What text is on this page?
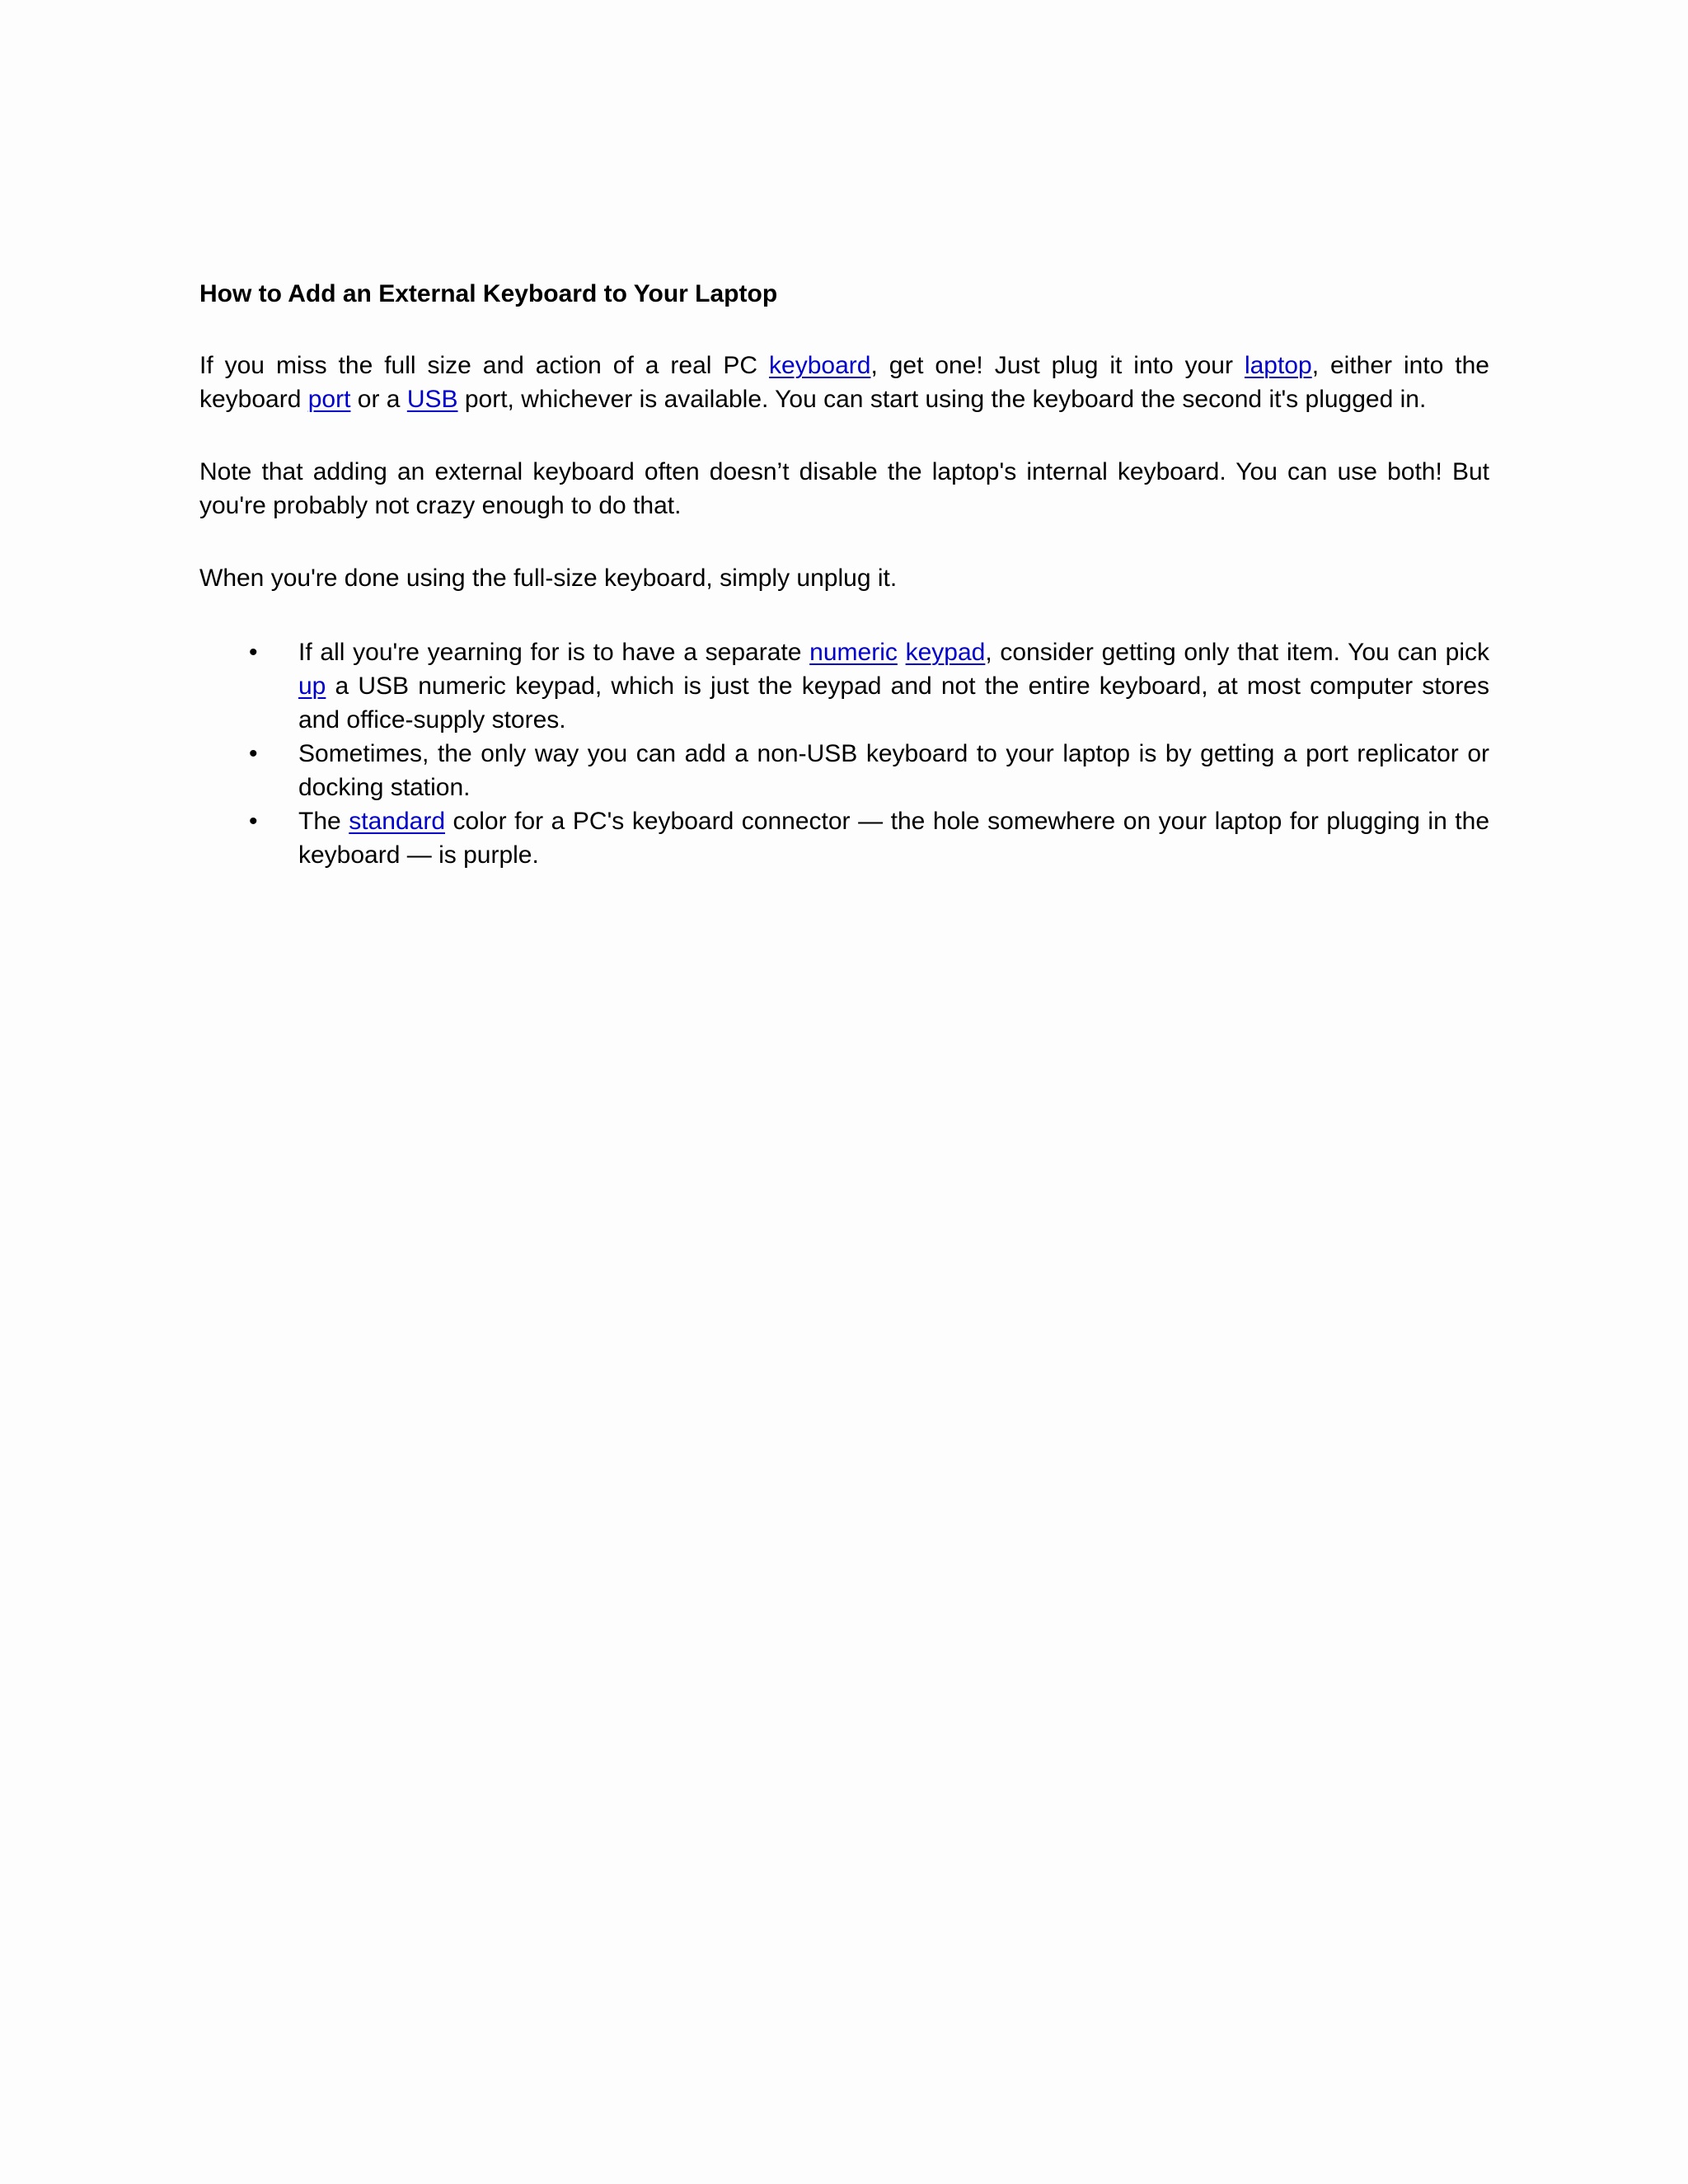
How to Add an External Keyboard to Your Laptop

If you miss the full size and action of a real PC keyboard, get one! Just plug it into your laptop, either into the keyboard port or a USB port, whichever is available. You can start using the keyboard the second it's plugged in.

Note that adding an external keyboard often doesn’t disable the laptop's internal keyboard. You can use both! But you're probably not crazy enough to do that.

When you're done using the full-size keyboard, simply unplug it.

• If all you're yearning for is to have a separate numeric keypad, consider getting only that item. You can pick up a USB numeric keypad, which is just the keypad and not the entire keyboard, at most computer stores and office-supply stores.
• Sometimes, the only way you can add a non-USB keyboard to your laptop is by getting a port replicator or docking station.
• The standard color for a PC's keyboard connector — the hole somewhere on your laptop for plugging in the keyboard — is purple.
